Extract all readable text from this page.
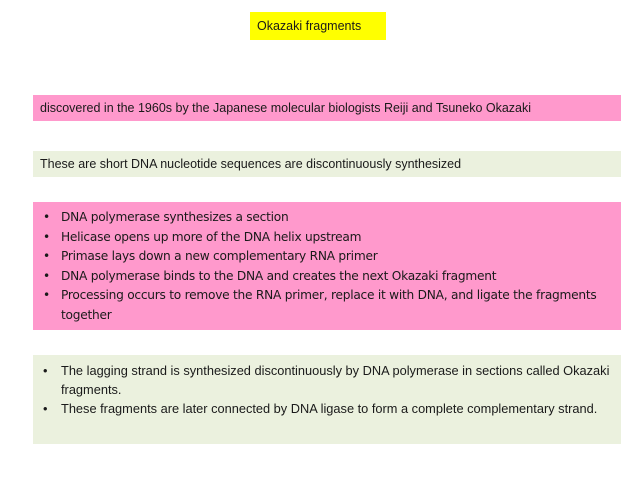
Okazaki fragments
discovered in the 1960s by the Japanese molecular biologists Reiji and Tsuneko Okazaki
These are short DNA nucleotide sequences are discontinuously synthesized
• DNA polymerase synthesizes a section
• Helicase opens up more of the DNA helix upstream
• Primase lays down a new complementary RNA primer
• DNA polymerase binds to the DNA and creates the next Okazaki fragment
• Processing occurs to remove the RNA primer, replace it with DNA, and ligate the fragments together
• The lagging strand is synthesized discontinuously by DNA polymerase in sections called Okazaki fragments.
• These fragments are later connected by DNA ligase to form a complete complementary strand.
